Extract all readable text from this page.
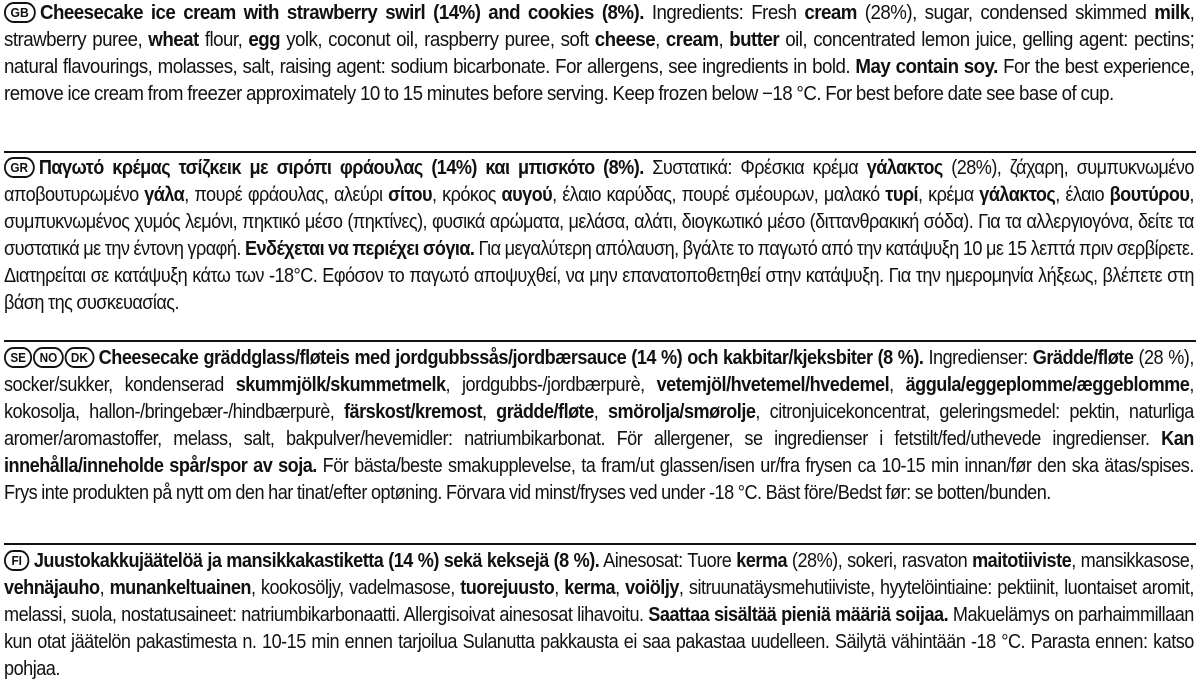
GB Cheesecake ice cream with strawberry swirl (14%) and cookies (8%). Ingredients: Fresh cream (28%), sugar, condensed skimmed milk, strawberry puree, wheat flour, egg yolk, coconut oil, raspberry puree, soft cheese, cream, butter oil, concentrated lemon juice, gelling agent: pectins; natural flavourings, molasses, salt, raising agent: sodium bicarbonate. For allergens, see ingredients in bold. May contain soy. For the best experience, remove ice cream from freezer approximately 10 to 15 minutes before serving. Keep frozen below −18 °C. For best before date see base of cup.

GR Παγωτό κρέμας τσίζκεικ με σιρόπι φράουλας (14%) και μπισκότο (8%). Συστατικά: Φρέσκια κρέμα γάλακτος (28%), ζάχαρη, συμπυκνωμένο αποβουτυρωμένο γάλα, πουρέ φράουλας, αλεύρι σίτου, κρόκος αυγού, έλαιο καρύδας, πουρέ σμέουρων, μαλακό τυρί, κρέμα γάλακτος, έλαιο βουτύρου, συμπυκνωμένος χυμός λεμόνι, πηκτικό μέσο (πηκτίνες), φυσικά αρώματα, μελάσα, αλάτι, διογκωτικό μέσο (διττανθρακική σόδα). Για τα αλλεργιογόνα, δείτε τα συστατικά με την έντονη γραφή. Ενδέχεται να περιέχει σόγια. Για μεγαλύτερη απόλαυση, βγάλτε το παγωτό από την κατάψυξη 10 με 15 λεπτά πριν σερβίρετε. Διατηρείται σε κατάψυξη κάτω των -18°C. Εφόσον το παγωτό αποψυχθεί, να μην επανατοποθετηθεί στην κατάψυξη. Για την ημερομηνία λήξεως, βλέπετε στη βάση της συσκευασίας.

SE NO DK Cheesecake gräddglass/fløteis med jordgubbssås/jordbærsauce (14 %) och kakbitar/kjeksbiter (8 %). Ingredienser: Grädde/fløte (28 %), socker/sukker, kondenserad skummjölk/skummetmelk, jordgubbs-/jordbærpurè, vetemjöl/hvetemel/hvedemel, äggula/eggeplomme/æggeblomme, kokosolja, hallon-/bringebær-/hindbærpurè, färskost/kremost, grädde/fløte, smörolja/smørolje, citronjuicekoncentrat, geleringsmedel: pektin, naturliga aromer/aromastoffer, melass, salt, bakpulver/hevemidler: natriumbikarbonat. För allergener, se ingredienser i fetstilt/fed/uthevede ingredienser. Kan innehålla/inneholde spår/spor av soja. För bästa/beste smakupplevelse, ta fram/ut glassen/isen ur/fra frysen ca 10-15 min innan/før den ska ätas/spises. Frys inte produkten på nytt om den har tinat/efter optøning. Förvara vid minst/fryses ved under -18 °C. Bäst före/Bedst før: se botten/bunden.

FI Juustokakkujäätelöä ja mansikkakastiketta (14 %) sekä keksejä (8 %). Ainesosat: Tuore kerma (28%), sokeri, rasvaton maitotiiviste, mansikkasose, vehnäjauho, munankeltuainen, kookosöljy, vadelmasose, tuorejuusto, kerma, voiöljy, sitruunatäysmehutiiviste, hyytelöintiaine: pektiinit, luontaiset aromit, melassi, suola, nostatusaineet: natriumbikarbonaatti. Allergisoivat ainesosat lihavoitu. Saattaa sisältää pieniä määriä soijaa. Makuelämys on parhaimmillaan kun otat jäätelön pakastimesta n. 10-15 min ennen tarjoilua Sulanutta pakkausta ei saa pakastaa uudelleen. Säilytä vähintään -18 °C. Parasta ennen: katso pohjaa.
